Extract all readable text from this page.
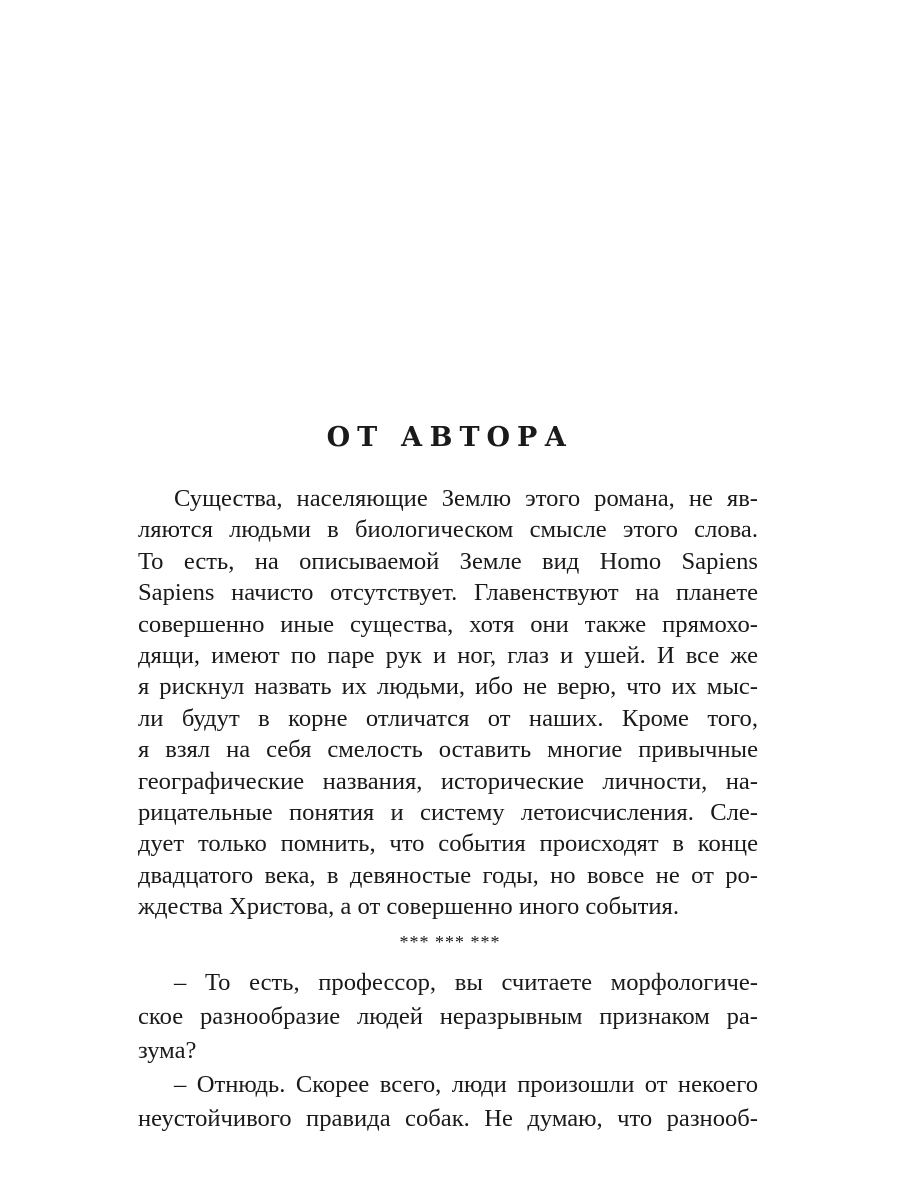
ОТ АВТОРА

Существа, населяющие Землю этого романа, не яв-

ляются людьми в биологическом смысле этого слова.

То есть, на описываемой Земле вид Homo Sapiens

Sapiens начисто отсутствует. Главенствуют на планете

совершенно иные существа, хотя они также прямохо-

дящи, имеют по паре рук и ног, глаз и ушей. И все же

я рискнул назвать их людьми, ибо не верю, что их мыс-

ли будут в корне отличатся от наших. Кроме того,

я взял на себя смелость оставить многие привычные

географические названия, исторические личности, на-

рицательные понятия и систему летоисчисления. Сле-

дует только помнить, что события происходят в конце

двадцатого века, в девяностые годы, но вовсе не от ро-

ждества Христова, а от совершенно иного события.

*** *** ***

– То есть, профессор, вы считаете морфологиче-

ское разнообразие людей неразрывным признаком ра-

зума?

– Отнюдь. Скорее всего, люди произошли от некоего

неустойчивого правида собак. Не думаю, что разнооб-
